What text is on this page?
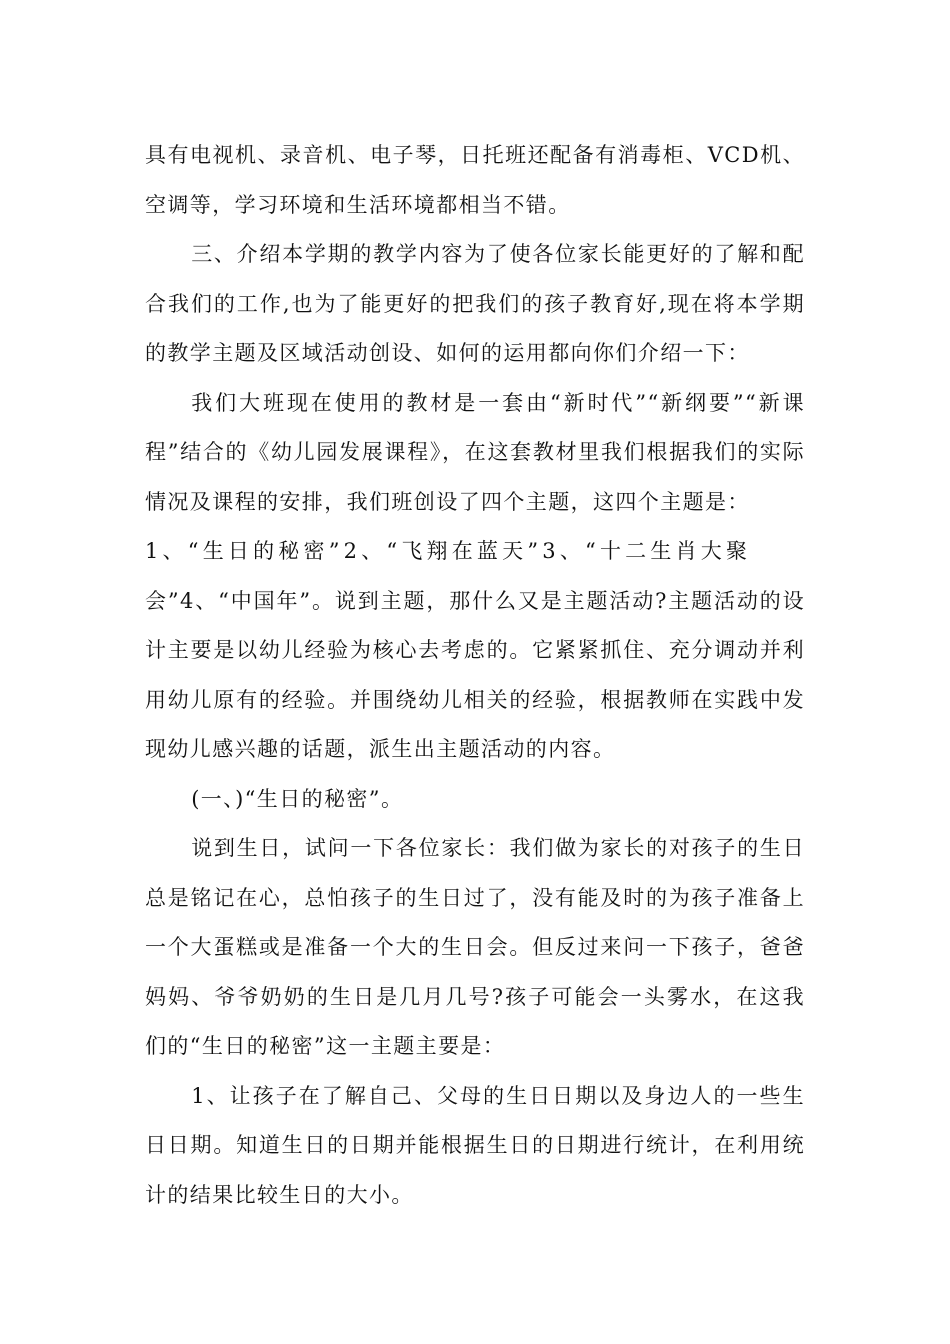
具有电视机、录音机、电子琴，日托班还配备有消毒柜、VCD机、空调等，学习环境和生活环境都相当不错。

三、介绍本学期的教学内容为了使各位家长能更好的了解和配合我们的工作,也为了能更好的把我们的孩子教育好,现在将本学期的教学主题及区域活动创设、如何的运用都向你们介绍一下：

我们大班现在使用的教材是一套由“新时代”“新纲要”“新课程”结合的《幼儿园发展课程》，在这套教材里我们根据我们的实际情况及课程的安排，我们班创设了四个主题，这四个主题是：

1、“生日的秘密”2、“飞翔在蓝天”3、“十二生肖大聚

会”4、“中国年”。说到主题，那什么又是主题活动?主题活动的设计主要是以幼儿经验为核心去考虑的。它紧紧抓住、充分调动并利用幼儿原有的经验。并围绕幼儿相关的经验，根据教师在实践中发现幼儿感兴趣的话题，派生出主题活动的内容。

(一、)“生日的秘密”。

说到生日，试问一下各位家长：我们做为家长的对孩子的生日总是铭记在心，总怕孩子的生日过了，没有能及时的为孩子准备上一个大蛋糕或是准备一个大的生日会。但反过来问一下孩子，爸爸妈妈、爷爷奶奶的生日是几月几号?孩子可能会一头雾水，在这我们的“生日的秘密”这一主题主要是：

1、让孩子在了解自己、父母的生日日期以及身边人的一些生日日期。知道生日的日期并能根据生日的日期进行统计，在利用统计的结果比较生日的大小。
